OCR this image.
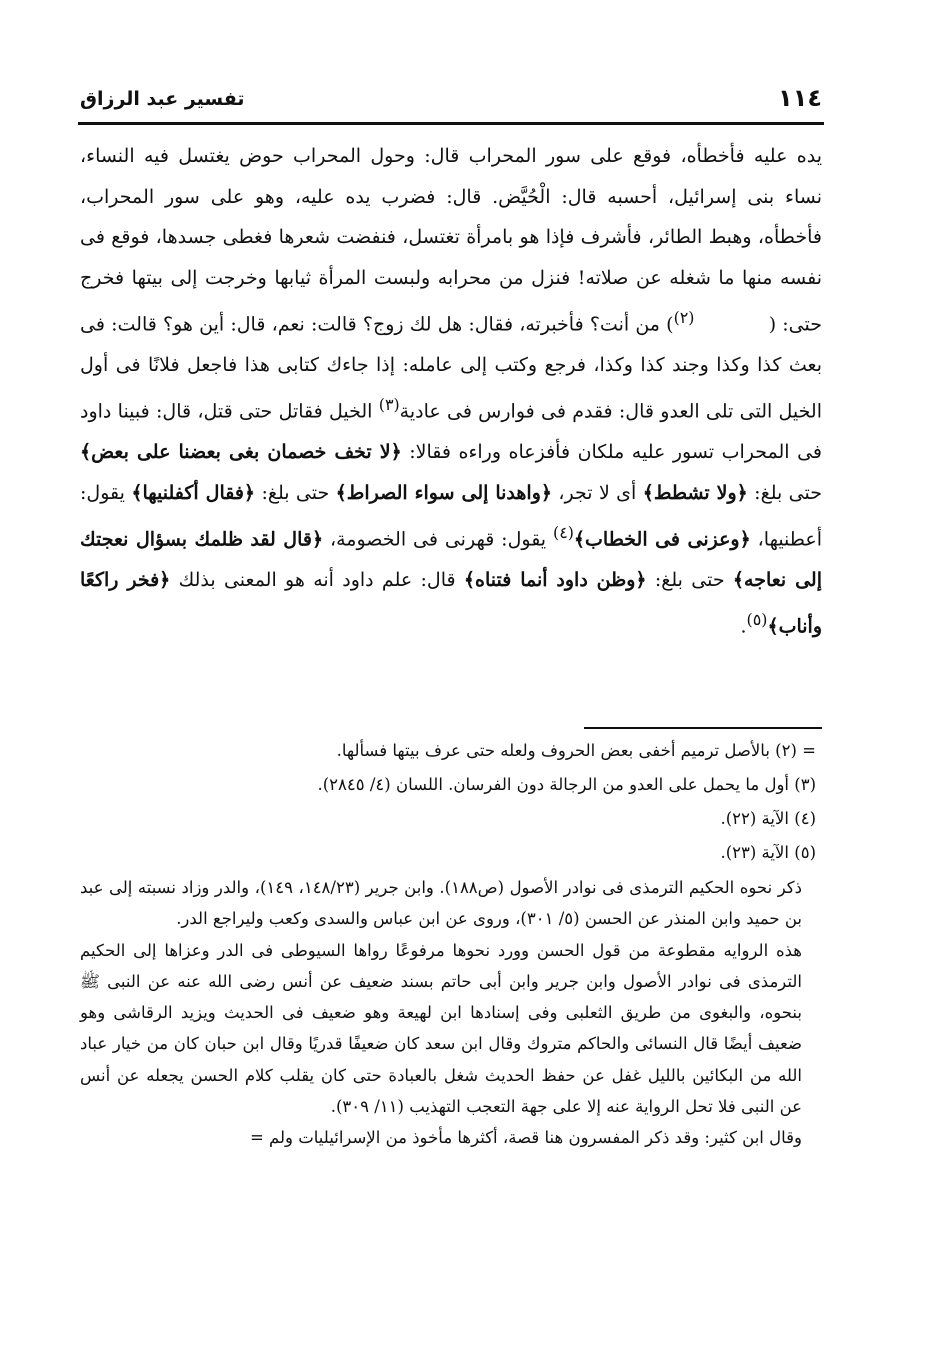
١١٤
تفسير عبد الرزاق

يده عليه فأخطأه، فوقع على سور المحراب قال: وحول المحراب حوض يغتسل فيه النساء، نساء بنى إسرائيل، أحسبه قال: الْحُيَّض. قال: فضرب يده عليه، وهو على سور المحراب، فأخطأه، وهبط الطائر، فأشرف فإذا هو بامرأة تغتسل، فنفضت شعرها فغطى جسدها، فوقع فى نفسه منها ما شغله عن صلاته! فنزل من محرابه ولبست المرأة ثيابها وخرجت إلى بيتها فخرج حتى: (            $^{(٢)}$) من أنت؟ فأخبرته، فقال: هل لك زوج؟ قالت: نعم، قال: أين هو؟ قالت: فى بعث كذا وكذا وجند كذا وكذا، فرجع وكتب إلى عامله: إذا جاءك كتابى هذا فاجعل فلانًا فى أول الخيل التى تلى العدو قال: فقدم فى فوارس فى عادية$^{(٣)}$ الخيل فقاتل حتى قتل، قال: فبينا داود فى المحراب تسور عليه ملكان فأفزعاه وراءه فقالا: ﴿لا تخف خصمان بغى بعضنا على بعض﴾ حتى بلغ: ﴿ولا تشطط﴾ أى لا تجر، ﴿واهدنا إلى سواء الصراط﴾ حتى بلغ: ﴿فقال أكفلنيها﴾ يقول: أعطنيها، ﴿وعزنى فى الخطاب﴾$^{(٤)}$ يقول: قهرنى فى الخصومة، ﴿قال لقد ظلمك بسؤال نعجتك إلى نعاجه﴾ حتى بلغ: ﴿وظن داود أنما فتناه﴾ قال: علم داود أنه هو المعنى بذلك ﴿فخر راكعًا وأناب﴾$^{(٥)}$.

= (٢) بالأصل ترميم أخفى بعض الحروف ولعله حتى عرف بيتها فسألها.
(٣) أول ما يحمل على العدو من الرجالة دون الفرسان. اللسان (٤/ ٢٨٤٥).
(٤) الآية (٢٢).
(٥) الآية (٢٣).

ذكر نحوه الحكيم الترمذى فى نوادر الأصول (ص١٨٨). وابن جرير (١٤٨/٢٣، ١٤٩)، والدر وزاد نسبته إلى عبد بن حميد وابن المنذر عن الحسن (٥/ ٣٠١)، وروى عن ابن عباس والسدى وكعب وليراجع الدر.

هذه الروايه مقطوعة من قول الحسن وورد نحوها مرفوعًا رواها السيوطى فى الدر وعزاها إلى الحكيم الترمذى فى نوادر الأصول وابن جرير وابن أبى حاتم بسند ضعيف عن أنس رضى الله عنه عن النبى ﷺ بنحوه، والبغوى من طريق الثعلبى وفى إسنادها ابن لهيعة وهو ضعيف فى الحديث ويزيد الرقاشى وهو ضعيف أيضًا قال النسائى والحاكم متروك وقال ابن سعد كان ضعيفًا قدريًا وقال ابن حبان كان من خيار عباد الله من البكائين بالليل غفل عن حفظ الحديث شغل بالعبادة حتى كان يقلب كلام الحسن يجعله عن أنس عن النبى فلا تحل الرواية عنه إلا على جهة التعجب التهذيب (١١/ ٣٠٩).

وقال ابن كثير: وقد ذكر المفسرون هنا قصة، أكثرها مأخوذ من الإسرائيليات ولم =
